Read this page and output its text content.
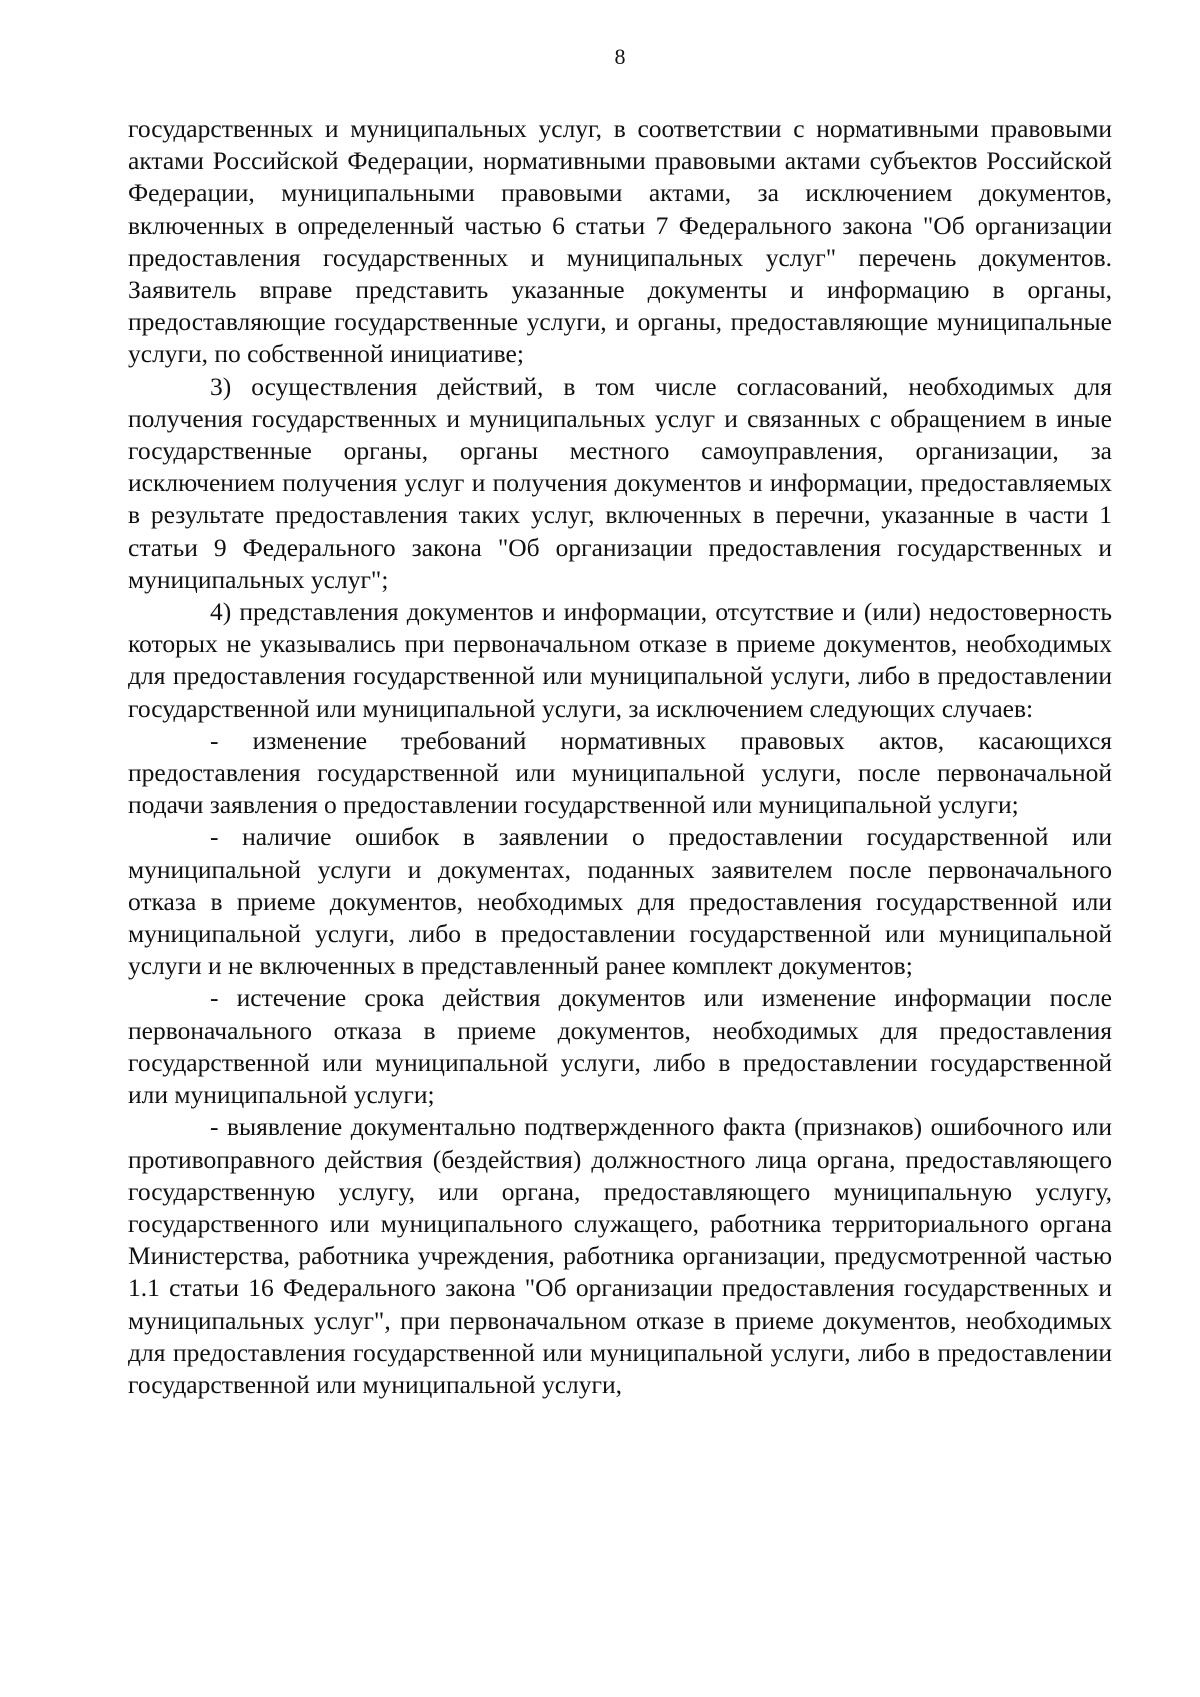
8

государственных и муниципальных услуг, в соответствии с нормативными правовыми актами Российской Федерации, нормативными правовыми актами субъектов Российской Федерации, муниципальными правовыми актами, за исключением документов, включенных в определенный частью 6 статьи 7 Федерального закона "Об организации предоставления государственных и муниципальных услуг" перечень документов. Заявитель вправе представить указанные документы и информацию в органы, предоставляющие государственные услуги, и органы, предоставляющие муниципальные услуги, по собственной инициативе;

3) осуществления действий, в том числе согласований, необходимых для получения государственных и муниципальных услуг и связанных с обращением в иные государственные органы, органы местного самоуправления, организации, за исключением получения услуг и получения документов и информации, предоставляемых в результате предоставления таких услуг, включенных в перечни, указанные в части 1 статьи 9 Федерального закона "Об организации предоставления государственных и муниципальных услуг";

4) представления документов и информации, отсутствие и (или) недостоверность которых не указывались при первоначальном отказе в приеме документов, необходимых для предоставления государственной или муниципальной услуги, либо в предоставлении государственной или муниципальной услуги, за исключением следующих случаев:

- изменение требований нормативных правовых актов, касающихся предоставления государственной или муниципальной услуги, после первоначальной подачи заявления о предоставлении государственной или муниципальной услуги;

- наличие ошибок в заявлении о предоставлении государственной или муниципальной услуги и документах, поданных заявителем после первоначального отказа в приеме документов, необходимых для предоставления государственной или муниципальной услуги, либо в предоставлении государственной или муниципальной услуги и не включенных в представленный ранее комплект документов;

- истечение срока действия документов или изменение информации после первоначального отказа в приеме документов, необходимых для предоставления государственной или муниципальной услуги, либо в предоставлении государственной или муниципальной услуги;

- выявление документально подтвержденного факта (признаков) ошибочного или противоправного действия (бездействия) должностного лица органа, предоставляющего государственную услугу, или органа, предоставляющего муниципальную услугу, государственного или муниципального служащего, работника территориального органа Министерства, работника учреждения, работника организации, предусмотренной частью 1.1 статьи 16 Федерального закона "Об организации предоставления государственных и муниципальных услуг", при первоначальном отказе в приеме документов, необходимых для предоставления государственной или муниципальной услуги, либо в предоставлении государственной или муниципальной услуги,
